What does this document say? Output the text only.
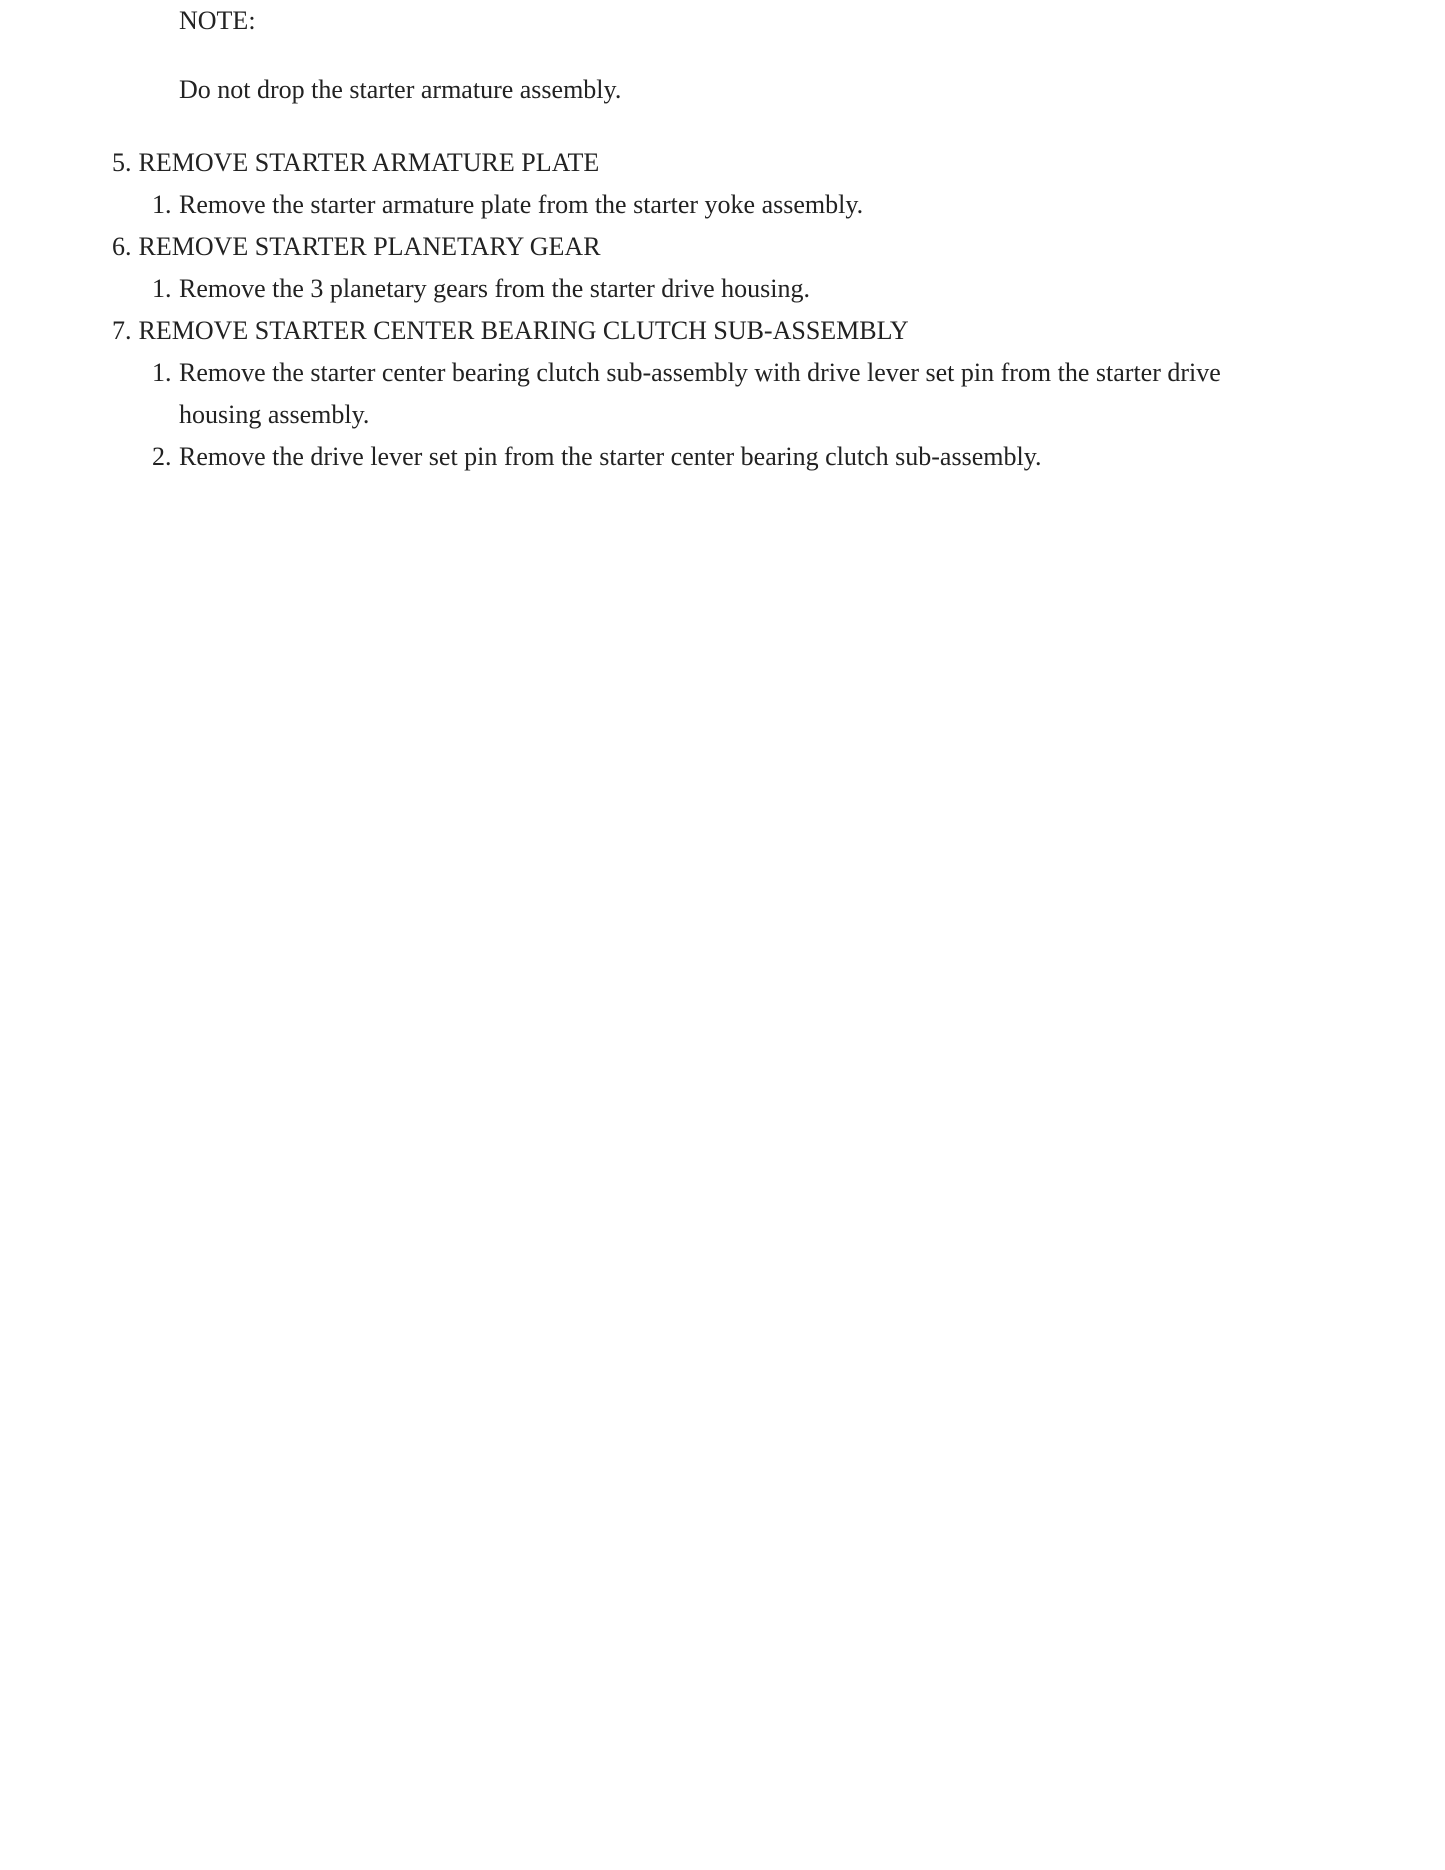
NOTE:
Do not drop the starter armature assembly.
5. REMOVE STARTER ARMATURE PLATE
1. Remove the starter armature plate from the starter yoke assembly.
6. REMOVE STARTER PLANETARY GEAR
1. Remove the 3 planetary gears from the starter drive housing.
7. REMOVE STARTER CENTER BEARING CLUTCH SUB-ASSEMBLY
1. Remove the starter center bearing clutch sub-assembly with drive lever set pin from the starter drive housing assembly.
2. Remove the drive lever set pin from the starter center bearing clutch sub-assembly.
